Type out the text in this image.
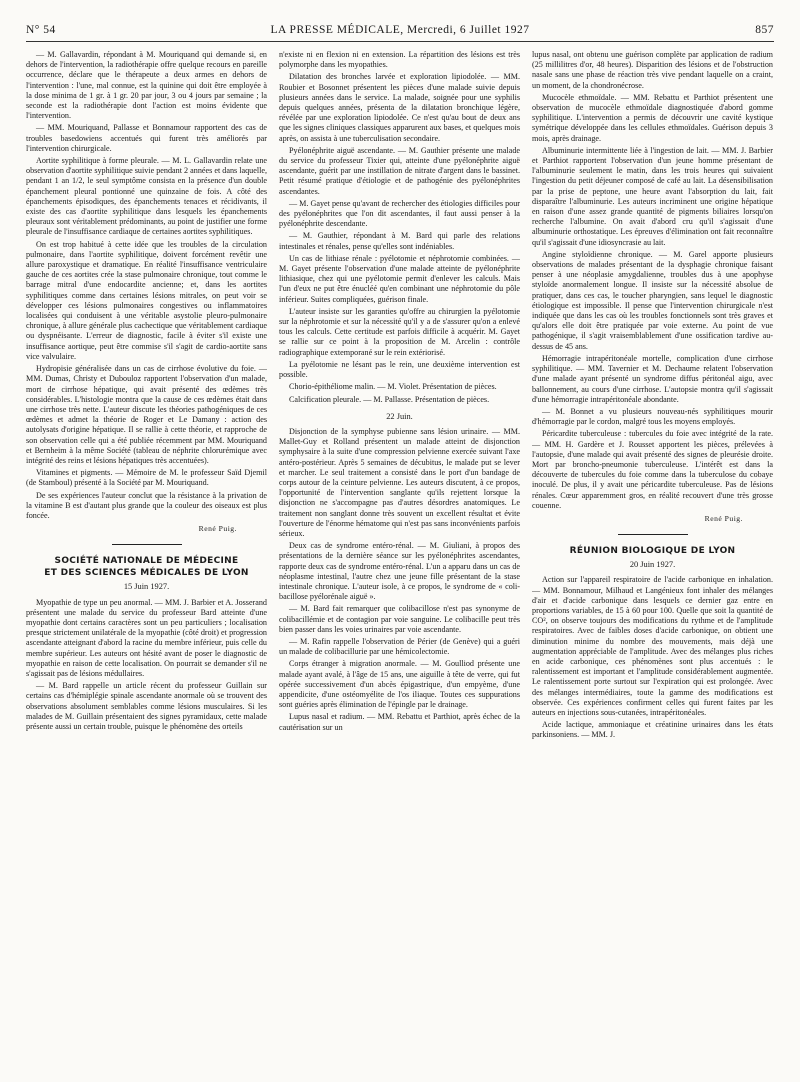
N° 54	LA PRESSE MÉDICALE, Mercredi, 6 Juillet 1927	857

— M. Gallavardin, répondant à M. Mouriquand qui demande si, en dehors de l'intervention, la radiothérapie offre quelque recours en pareille occurrence, déclare que le thérapeute a deux armes en dehors de l'intervention : l'une, mal connue, est la quinine qui doit être employée à la dose minima de 1 gr. à 1 gr. 20 par jour, 3 ou 4 jours par semaine ; la seconde est la radiothérapie dont l'action est moins évidente que l'intervention.

— MM. Mouriquand, Pallasse et Bonnamour rapportent des cas de troubles basedowiens accentués qui furent très améliorés par l'intervention chirurgicale.

Aortite syphilitique à forme pleurale. — M. L. Gallavardin relate une observation d'aortite syphilitique suivie pendant 2 années et dans laquelle, pendant 1 an 1/2, le seul symptôme consista en la présence d'un double épanchement pleural pontionné une quinzaine de fois. A côté des épanchements épisodiques, des épanchements tenaces et récidivants, il existe des cas d'aortite syphilitique dans lesquels les épanchements pleuraux sont véritablement prédominants, au point de justifier une forme pleurale de l'insuffisance cardiaque de certaines aortites syphilitiques.

On est trop habitué à cette idée que les troubles de la circulation pulmonaire, dans l'aortite syphilitique, doivent forcément revêtir une allure paroxystique et dramatique. En réalité l'insuffisance ventriculaire gauche de ces aortites crée la stase pulmonaire chronique, tout comme le barrage mitral d'une endocardite ancienne; et, dans les aortites syphilitiques comme dans certaines lésions mitrales, on peut voir se développer ces lésions pulmonaires congestives ou inflammatoires localisées qui conduisent à une véritable asystolie pleuro-pulmonaire chronique, à allure générale plus cachectique que véritablement cardiaque ou dyspnéisante. L'erreur de diagnostic, facile à éviter s'il existe une insuffisance aortique, peut être commise s'il s'agit de cardio-aortite sans vice valvulaire.

Hydropisie généralisée dans un cas de cirrhose évolutive du foie. — MM. Dumas, Christy et Dubouloz rapportent l'observation d'un malade, mort de cirrhose hépatique, qui avait présenté des œdèmes très considérables. L'histologie montra que la cause de ces œdèmes était dans une cirrhose très nette. L'auteur discute les théories pathogéniques de ces œdèmes et admet la théorie de Roger et Le Damany : action des autolysats d'origine hépatique. Il se rallie à cette théorie, et rapproche de son observation celle qui a été publiée récemment par MM. Mouriquand et Bernheim à la même Société (tableau de néphrite chlorurémique avec intégrité des reins et lésions hépatiques très accentuées).

Vitamines et pigments. — Mémoire de M. le professeur Saïd Djemil (de Stamboul) présenté à la Société par M. Mouriquand.

De ses expériences l'auteur conclut que la résistance à la privation de la vitamine B est d'autant plus grande que la couleur des oiseaux est plus foncée.

René Puig.
SOCIÉTÉ NATIONALE DE MÉDECINE
ET DES SCIENCES MÉDICALES DE LYON
15 Juin 1927.

Myopathie de type un peu anormal. — MM. J. Barbier et A. Josserand présentent une malade du service du professeur Bard atteinte d'une myopathie dont certains caractères sont un peu particuliers ; localisation presque strictement unilatérale de la myopathie (côté droit) et progression ascendante atteignant d'abord la racine du membre inférieur, puis celle du membre supérieur. Les auteurs ont hésité avant de poser le diagnostic de myopathie en raison de cette localisation. On pourrait se demander s'il ne s'agissait pas de lésions médullaires.

— M. Bard rappelle un article récent du professeur Guillain sur certains cas d'hémiplégie spinale ascendante anormale où se trouvent des observations absolument semblables comme lésions musculaires. Si les malades de M. Guillain présentaient des signes pyramidaux, cette malade présente aussi un certain trouble, puisque le phénomène des orteils

n'existe ni en flexion ni en extension. La répartition des lésions est très polymorphe dans les myopathies.

Dilatation des bronches larvée et exploration lipiodolée. — MM. Roubier et Bosonnet présentent les pièces d'une malade suivie depuis plusieurs années dans le service. La malade, soignée pour une syphilis depuis quelques années, présenta de la dilatation bronchique légère, révélée par une exploration lipiodolée. Ce n'est qu'au bout de deux ans que les signes cliniques classiques apparurent aux bases, et quelques mois après, on assista à une tuberculisation secondaire.

Pyélonéphrite aiguë ascendante. — M. Gauthier présente une malade du service du professeur Tixier qui, atteinte d'une pyélonéphrite aiguë ascendante, guérit par une instillation de nitrate d'argent dans le bassinet. Petit résumé pratique d'étiologie et de pathogénie des pyélonéphrites ascendantes.

— M. Gayet pense qu'avant de rechercher des étiologies difficiles pour des pyélonéphrites que l'on dit ascendantes, il faut aussi penser à la pyélonéphrite descendante.

— M. Gauthier, répondant à M. Bard qui parle des relations intestinales et rénales, pense qu'elles sont indéniables.

Un cas de lithiase rénale : pyélotomie et néphrotomie combinées. — M. Gayet présente l'observation d'une malade atteinte de pyélonéphrite lithiasique, chez qui une pyélotomie permit d'enlever les calculs. Mais l'un d'eux ne put être énucléé qu'en combinant une néphrotomie du pôle inférieur. Suites compliquées, guérison finale.

L'auteur insiste sur les garanties qu'offre au chirurgien la pyélotomie sur la néphrotomie et sur la nécessité qu'il y a de s'assurer qu'on a enlevé tous les calculs. Cette certitude est parfois difficile à acquérir. M. Gayet se rallie sur ce point à la proposition de M. Arcelin : contrôle radiographique extemporané sur le rein extériorisé.

La pyélotomie ne lésant pas le rein, une deuxième intervention est possible.

Chorio-épithéliome malin. — M. Violet. Présentation de pièces.

Calcification pleurale. — M. Pallasse. Présentation de pièces.

22 Juin.

Disjonction de la symphyse pubienne sans lésion urinaire. — MM. Mallet-Guy et Rolland présentent un malade atteint de disjonction symphysaire à la suite d'une compression pelvienne exercée suivant l'axe antéro-postérieur. Après 5 semaines de décubitus, le malade put se lever et marcher. Le seul traitement a consisté dans le port d'un bandage de corps autour de la ceinture pelvienne. Les auteurs discutent, à ce propos, l'opportunité de l'intervention sanglante qu'ils rejettent lorsque la disjonction ne s'accompagne pas d'autres désordres anatomiques. Le traitement non sanglant donne très souvent un excellent résultat et évite l'ouverture de l'énorme hématome qui n'est pas sans inconvénients parfois sérieux.

Deux cas de syndrome entéro-rénal. — M. Giuliani, à propos des présentations de la dernière séance sur les pyélonéphrites ascendantes, rapporte deux cas de syndrome entéro-rénal. L'un a apparu dans un cas de néoplasme intestinal, l'autre chez une jeune fille présentant de la stase intestinale chronique. L'auteur isole, à ce propos, le syndrome de « coli-bacillose pyélorénale aiguë ».

— M. Bard fait remarquer que colibacillose n'est pas synonyme de colibacillémie et de contagion par voie sanguine. Le colibacille peut très bien passer dans les voies urinaires par voie ascendante.

— M. Rafin rappelle l'observation de Périer (de Genève) qui a guéri un malade de colibacillurie par une hémicolectomie.

Corps étranger à migration anormale. — M. Goulliod présente une malade ayant avalé, à l'âge de 15 ans, une aiguille à tête de verre, qui fut opérée successivement d'un abcès épigastrique, d'un empyème, d'une appendicite, d'une ostéomyélite de l'os iliaque. Toutes ces suppurations sont guéries après élimination de l'épingle par le drainage.

Lupus nasal et radium. — MM. Rebattu et Parthiot, après échec de la cautérisation sur un

lupus nasal, ont obtenu une guérison complète par application de radium (25 millilitres d'or, 48 heures). Disparition des lésions et de l'obstruction nasale sans une phase de réaction très vive pendant laquelle on a craint, un moment, de la chondronécrose.

Mucocèle ethmoïdale. — MM. Rebattu et Parthiot présentent une observation de mucocèle ethmoïdale diagnostiquée d'abord gomme syphilitique. L'intervention a permis de découvrir une cavité kystique symétrique développée dans les cellules ethmoïdales. Guérison depuis 3 mois, après drainage.

Albuminurie intermittente liée à l'ingestion de lait. — MM. J. Barbier et Parthiot rapportent l'observation d'un jeune homme présentant de l'albuminurie seulement le matin, dans les trois heures qui suivaient l'ingestion du petit déjeuner composé de café au lait. La désensibilisation par la prise de peptone, une heure avant l'absorption du lait, fait disparaître l'albuminurie. Les auteurs incriminent une origine hépatique en raison d'une assez grande quantité de pigments biliaires lorsqu'on recherche l'albumine. On avait d'abord cru qu'il s'agissait d'une albuminurie orthostatique. Les épreuves d'élimination ont fait reconnaître qu'il s'agissait d'une idiosyncrasie au lait.

Angine styloïdienne chronique. — M. Garel apporte plusieurs observations de malades présentant de la dysphagie chronique faisant penser à une néoplasie amygdalienne, troubles dus à une apophyse styloïde anormalement longue. Il insiste sur la nécessité absolue de pratiquer, dans ces cas, le toucher pharyngien, sans lequel le diagnostic étiologique est impossible. Il pense que l'intervention chirurgicale n'est indiquée que dans les cas où les troubles fonctionnels sont très graves et qu'alors elle doit être pratiquée par voie externe. Au point de vue pathogénique, il s'agit vraisemblablement d'une ossification tardive au-dessus de 45 ans.

Hémorragie intrapéritonéale mortelle, complication d'une cirrhose syphilitique. — MM. Tavernier et M. Dechaume relatent l'observation d'une malade ayant présenté un syndrome diffus péritonéal aigu, avec ballonnement, au cours d'une cirrhose. L'autopsie montra qu'il s'agissait d'une hémorragie intrapéritonéale abondante.

— M. Bonnet a vu plusieurs nouveau-nés syphilitiques mourir d'hémorragie par le cordon, malgré tous les moyens employés.

Péricardite tuberculeuse : tubercules du foie avec intégrité de la rate. — MM. H. Gardère et J. Rousset apportent les pièces, prélevées à l'autopsie, d'une malade qui avait présenté des signes de pleurésie droite. Mort par broncho-pneumonie tuberculeuse. L'intérêt est dans la découverte de tubercules du foie comme dans la tuberculose du cobaye inoculé. De plus, il y avait une péricardite tuberculeuse. Pas de lésions rénales. Cœur apparemment gros, en réalité recouvert d'une très grosse couenne.

René Puig.
RÉUNION BIOLOGIQUE DE LYON
20 Juin 1927.

Action sur l'appareil respiratoire de l'acide carbonique en inhalation. — MM. Bonnamour, Milhaud et Langénieux font inhaler des mélanges d'air et d'acide carbonique dans lesquels ce dernier gaz entre en proportions variables, de 15 à 60 pour 100. Quelle que soit la quantité de CO², on observe toujours des modifications du rythme et de l'amplitude respiratoires. Avec de faibles doses d'acide carbonique, on obtient une diminution minime du nombre des mouvements, mais déjà une augmentation appréciable de l'amplitude. Avec des mélanges plus riches en acide carbonique, ces phénomènes sont plus accentués : le ralentissement est important et l'amplitude considérablement augmentée. Le ralentissement porte surtout sur l'expiration qui est prolongée. Avec des mélanges intermédiaires, toute la gamme des modifications est observée. Ces expériences confirment celles qui furent faites par les auteurs en injections sous-cutanées, intrapéritonéales.

Acide lactique, ammoniaque et créatinine urinaires dans les états parkinsoniens. — MM. J.
